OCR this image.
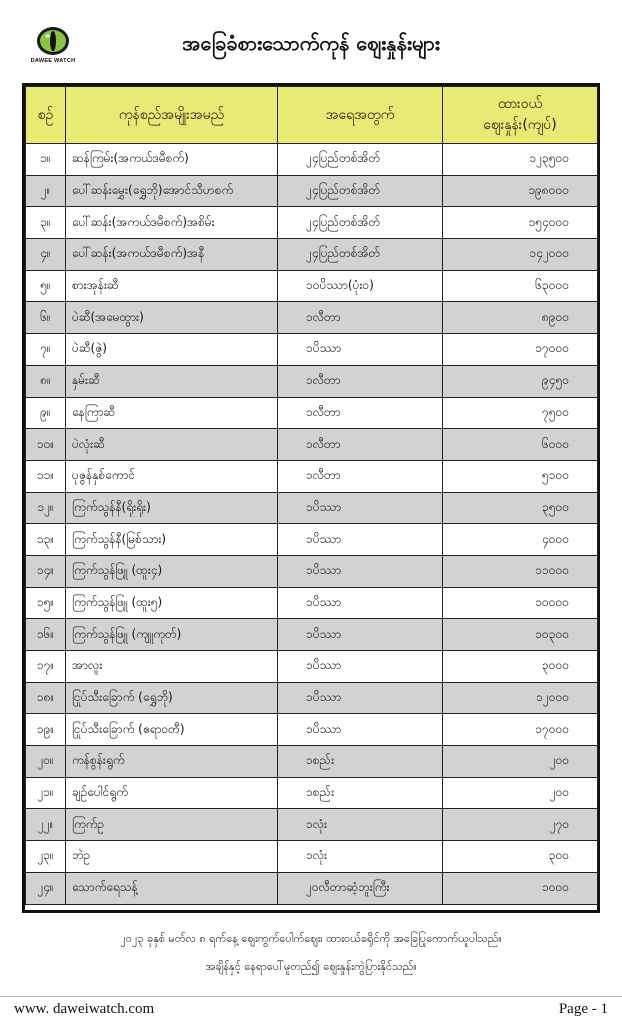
DAWEE WATCH
အခြေခံစားသောက်ကုန် ဈေးနှုန်းများ
စဉ်	ကုန်စည်အမျိုးအမည်	အရေအတွက်	ထားဝယ်
ဈေးနှုန်း(ကျပ်)

၁။	ဆန်ကြမ်း(အကယ်ဒမီစက်)	၂၄ပြည်တစ်အိတ်	၁၂၃၅၀၀
၂။	ပေါ်ဆန်းမွှေး(ရွှေဘို)အောင်သီဟစက်	၂၄ပြည်တစ်အိတ်	၁၉၈၀၀၀
၃။	ပေါ်ဆန်း(အကယ်ဒမီစက်)အစိမ်း	၂၄ပြည်တစ်အိတ်	၁၅၄၀၀၀
၄။	ပေါ်ဆန်း(အကယ်ဒမီစက်)အနီ	၂၄ပြည်တစ်အိတ်	၁၄၂၀၀၀
၅။	စားအုန်းဆီ	၁၀ပိဿာ(ပုံး၀)	၆၃၀၀၀
၆။	ပဲဆီ(အမေထွား)	၁လီတာ	၈၉၀၀
၇။	ပဲဆီ(ဇွဲ)	၁ပိဿာ	၁၇၀၀၀
၈။	နှမ်းဆီ	၁လီတာ	၉၄၅၀
၉။	နေကြာဆီ	၁လီတာ	၇၅၀၀
၁၀။	ပဲလုံးဆီ	၁လီတာ	၆၀၀၀
၁၁။	ပုဇွန်နှစ်ကောင်	၁လီတာ	၅၁၀၀
၁၂။	ကြက်သွန်နီ(ရိုးရိုး)	၁ပိဿာ	၃၅၀၀
၁၃။	ကြက်သွန်နီ(မြစ်သား)	၁ပိဿာ	၄၀၀၀
၁၄။	ကြက်သွန်ဖြူ (ထူး၄)	၁ပိဿာ	၁၁၀၀၀
၁၅။	ကြက်သွန်ဖြူ (ထူး၅)	၁ပိဿာ	၁၀၀၀၀
၁၆။	ကြက်သွန်ဖြူ (ကျူကုတ်)	၁ပိဿာ	၁၀၃၀၀
၁၇။	အာလူး	၁ပိဿာ	၃၀၀၀
၁၈။	ငြုပ်သီးခြောက် (ရွှေဘို)	၁ပိဿာ	၁၂၀၀၀
၁၉။	ငြုပ်သီးခြောက် (ဧရာဝတီ)	၁ပိဿာ	၁၇၀၀၀
၂၀။	ကန်စွန်းရွက်	၁စည်း	၂၀၀
၂၁။	ချဉ်ပေါင်ရွက်	၁စည်း	၂၀၀
၂၂။	ကြက်ဥ	၁လုံး	၂၇၀
၂၃။	ဘဲဥ	၁လုံး	၃၀၀
၂၄။	သောက်ရေသန့်	၂၀လီတာဆံ့ဘူးကြီး	၁၀၀၀
၂၀၂၃ ခုနှစ် မတ်လ ၈ ရက်နေ့ ဈေးကွက်ပေါက်ဈေး၊ ထားဝယ်ခရိုင်ကို အခြေပြုကောက်ယူပါသည်။
အချိန်နှင့် နေရာပေါ်မူတည်၍ ဈေးနှုန်းကွဲပြားနိုင်သည်။
www. daweiwatch.com	Page - 1
